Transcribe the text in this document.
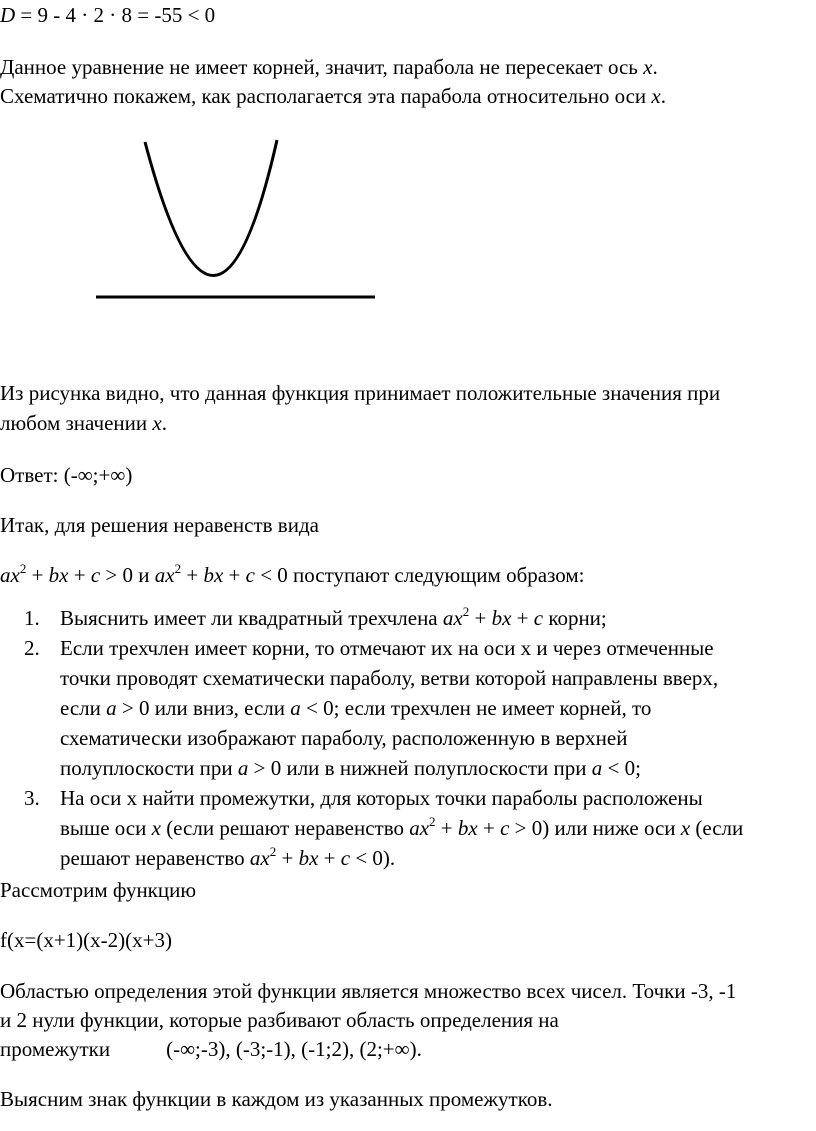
D = 9 - 4 · 2 · 8 = -55 < 0

Данное уравнение не имеет корней, значит, парабола не пересекает ось x.

Схематично покажем, как располагается эта парабола относительно оси x.

Из рисунка видно, что данная функция принимает положительные значения при

любом значении x.

Ответ: (-∞;+∞)

Итак, для решения неравенств вида

$ax^2$ + bx + c > 0 и $ax^2$ + bx + c < 0 поступают следующим образом:

1. Выяснить имеет ли квадратный трехчлена $ax^2$ + bx + c корни;
2. Если трехчлен имеет корни, то отмечают их на оси х и через отмеченные
точки проводят схематически параболу, ветви которой направлены вверх,
если a > 0 или вниз, если a < 0; если трехчлен не имеет корней, то
схематически изображают параболу, расположенную в верхней
полуплоскости при a > 0 или в нижней полуплоскости при a < 0;
3. На оси х найти промежутки, для которых точки параболы расположены
выше оси x (если решают неравенство $ax^2$ + bx + c > 0) или ниже оси x (если
решают неравенство $ax^2$ + bx + c < 0).

Рассмотрим функцию

f(x=(x+1)(x-2)(x+3)

Областью определения этой функции является множество всех чисел. Точки -3, -1

и 2 нули функции, которые разбивают область определения на

промежутки	(-∞;-3), (-3;-1), (-1;2), (2;+∞).

Выясним знак функции в каждом из указанных промежутков.
